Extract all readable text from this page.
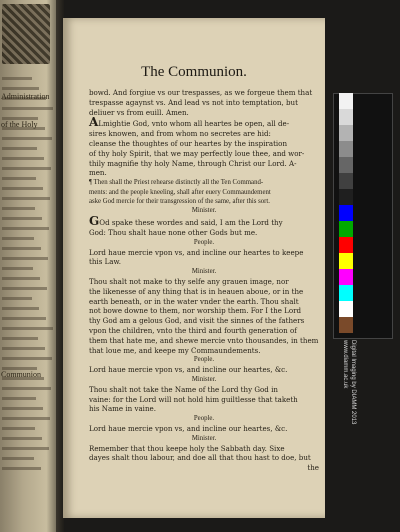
Administration
of the Holy
Communion
The Communion.

bowd. And forgiue vs our trespasses, as we forgeue them that

trespasse agaynst vs. And lead vs not into temptation, but

deliuer vs from euill. Amen.

ALmightie God, vnto whom all heartes be open, all de-

sires knowen, and from whom no secretes are hid:

cleanse the thoughtes of our heartes by the inspiration

of thy holy Spirit, that we may perfectly loue thee, and wor-

thily magnifie thy holy Name, through Christ our Lord. A-

men.

¶ Then shall the Priest rehearse distinctly all the Ten Command-

ments: and the people kneeling, shall after euery Commaundement

aske God mercie for their transgression of the same, after this sort.

Minister.

GOd spake these wordes and said, I am the Lord thy

God: Thou shalt haue none other Gods but me.

People.

Lord haue mercie vpon vs, and incline our heartes to keepe

this Law.

Minister.

Thou shalt not make to thy selfe any grauen image, nor

the likenesse of any thing that is in heauen aboue, or in the

earth beneath, or in the water vnder the earth. Thou shalt

not bowe downe to them, nor worship them. For I the Lord

thy God am a gelous God, and visit the sinnes of the fathers

vpon the children, vnto the third and fourth generation of

them that hate me, and shewe mercie vnto thousandes, in them

that loue me, and keepe my Commaundements.

People.

Lord haue mercie vpon vs, and incline our heartes, &c.

Minister.

Thou shalt not take the Name of the Lord thy God in

vaine: for the Lord will not hold him guiltlesse that taketh

his Name in vaine.

People.

Lord haue mercie vpon vs, and incline our heartes, &c.

Minister.

Remember that thou keepe holy the Sabbath day. Sixe

dayes shalt thou labour, and doe all that thou hast to doe, but

the

Digital Imaging by DIAMM 2013
www.diamm.ac.uk
